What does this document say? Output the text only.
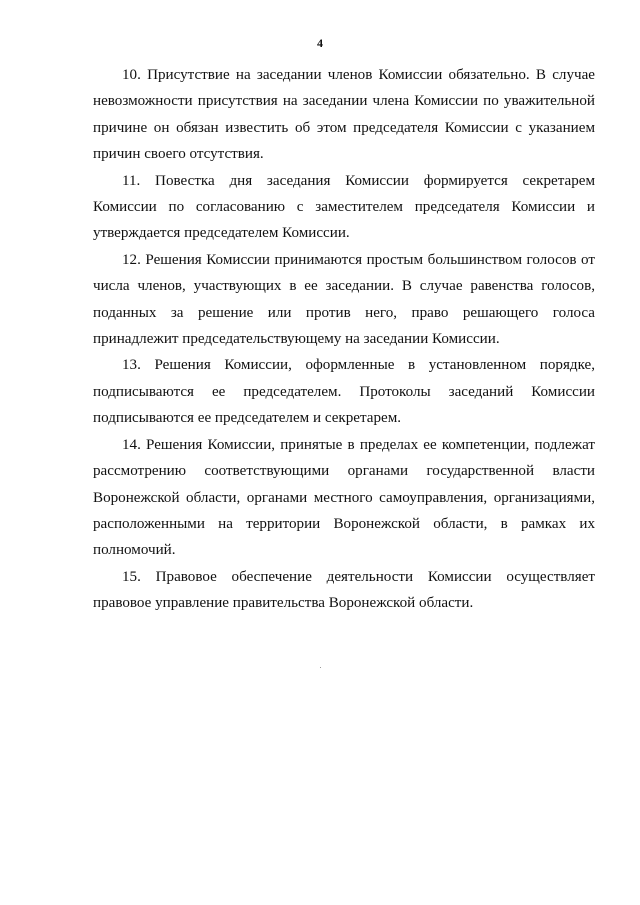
4

10. Присутствие на заседании членов Комиссии обязательно. В случае невозможности присутствия на заседании члена Комиссии по уважительной причине он обязан известить об этом председателя Комиссии с указанием причин своего отсутствия.

11. Повестка дня заседания Комиссии формируется секретарем Комиссии по согласованию с заместителем председателя Комиссии и утверждается председателем Комиссии.

12. Решения Комиссии принимаются простым большинством голосов от числа членов, участвующих в ее заседании. В случае равенства голосов, поданных за решение или против него, право решающего голоса принадлежит председательствующему на заседании Комиссии.

13. Решения Комиссии, оформленные в установленном порядке, подписываются ее председателем. Протоколы заседаний Комиссии подписываются ее председателем и секретарем.

14. Решения Комиссии, принятые в пределах ее компетенции, подлежат рассмотрению соответствующими органами государственной власти Воронежской области, органами местного самоуправления, организациями, расположенными на территории Воронежской области, в рамках их полномочий.

15. Правовое обеспечение деятельности Комиссии осуществляет правовое управление правительства Воронежской области.
